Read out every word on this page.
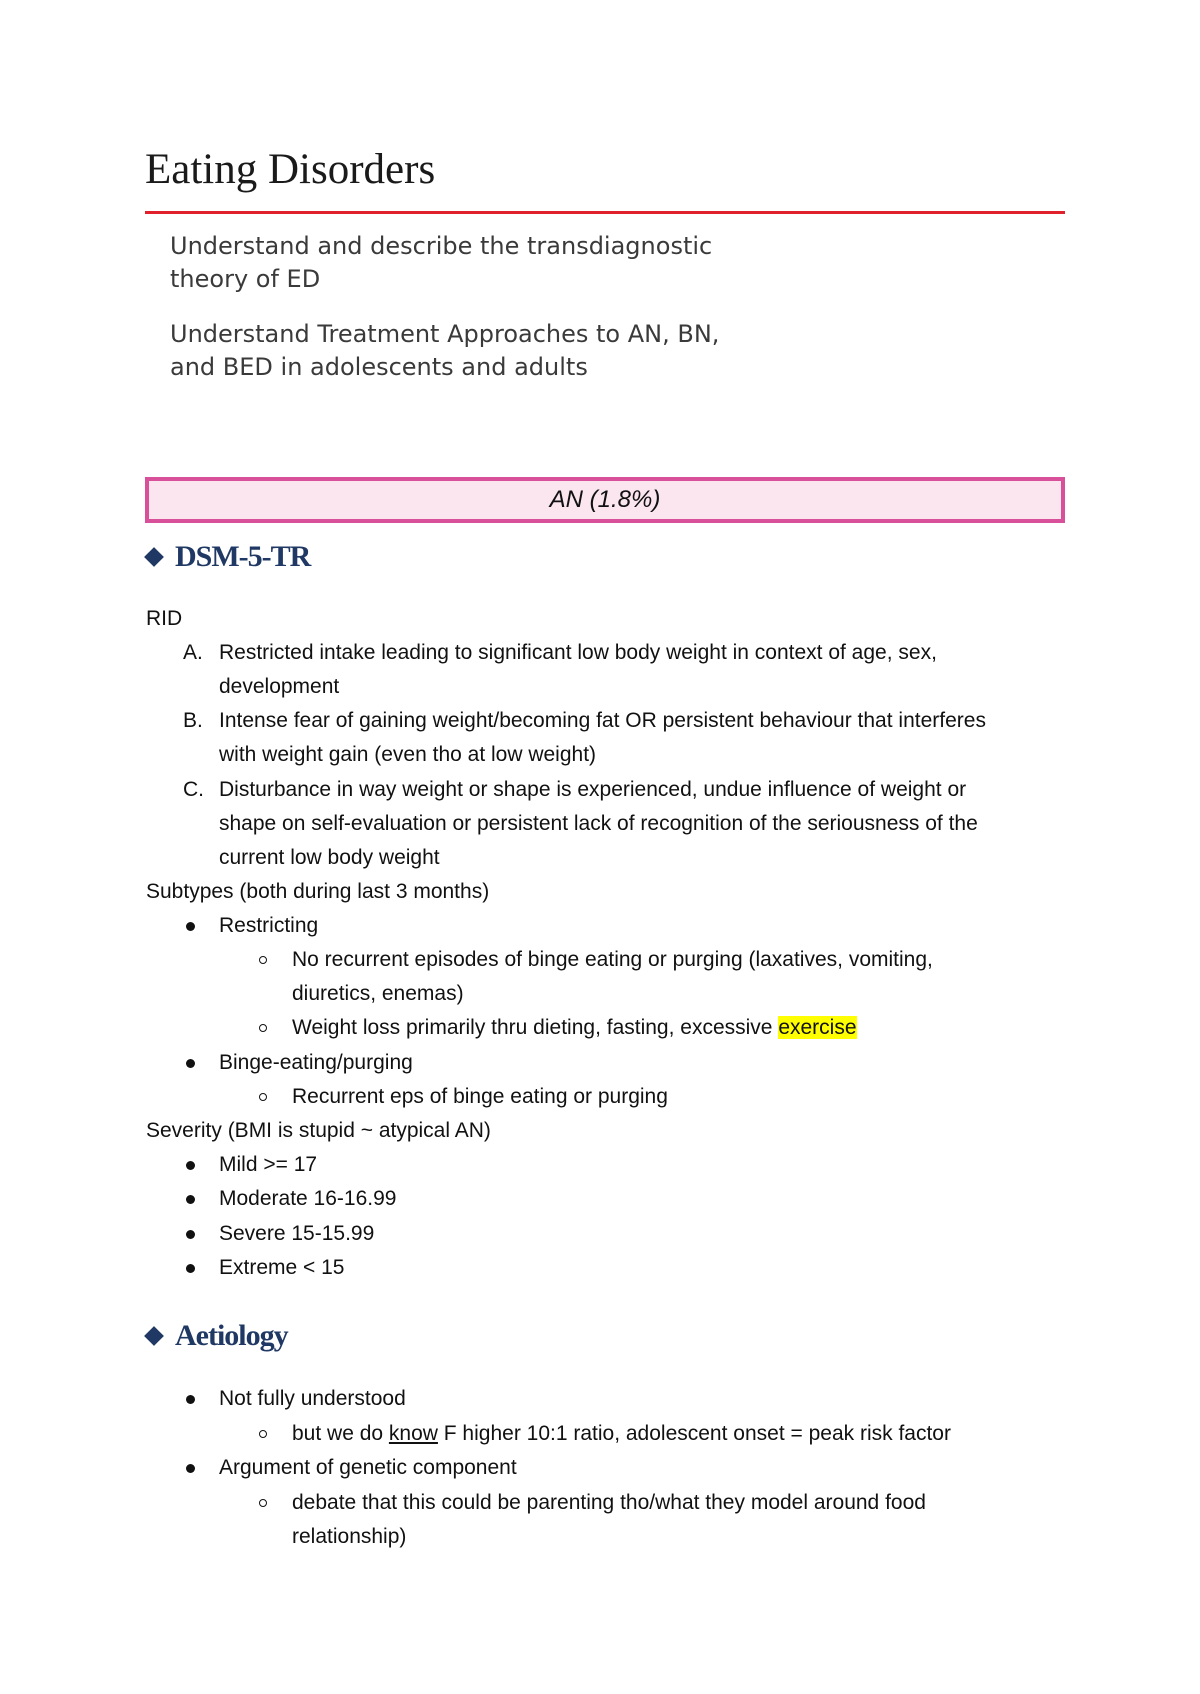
Eating Disorders

Understand and describe the transdiagnostic theory of ED

Understand Treatment Approaches to AN, BN, and BED in adolescents and adults

AN (1.8%)
DSM-5-TR
RID
A. Restricted intake leading to significant low body weight in context of age, sex,
development
B. Intense fear of gaining weight/becoming fat OR persistent behaviour that interferes
with weight gain (even tho at low weight)
C. Disturbance in way weight or shape is experienced, undue influence of weight or
shape on self-evaluation or persistent lack of recognition of the seriousness of the
current low body weight
Subtypes (both during last 3 months)
Restricting
No recurrent episodes of binge eating or purging (laxatives, vomiting,
diuretics, enemas)
Weight loss primarily thru dieting, fasting, excessive exercise
Binge-eating/purging
Recurrent eps of binge eating or purging
Severity (BMI is stupid ~ atypical AN)
Mild >= 17
Moderate 16-16.99
Severe 15-15.99
Extreme < 15
Aetiology
Not fully understood
but we do know F higher 10:1 ratio, adolescent onset = peak risk factor
Argument of genetic component
debate that this could be parenting tho/what they model around food
relationship)
